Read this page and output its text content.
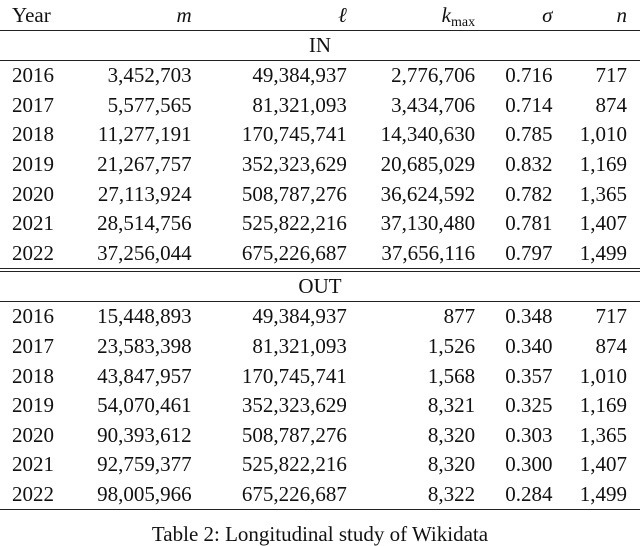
Year	m	ℓ	kmax	σ	n
IN					
2016	3,452,703	49,384,937	2,776,706	0.716	717
2017	5,577,565	81,321,093	3,434,706	0.714	874
2018	11,277,191	170,745,741	14,340,630	0.785	1,010
2019	21,267,757	352,323,629	20,685,029	0.832	1,169
2020	27,113,924	508,787,276	36,624,592	0.782	1,365
2021	28,514,756	525,822,216	37,130,480	0.781	1,407
2022	37,256,044	675,226,687	37,656,116	0.797	1,499
OUT					
2016	15,448,893	49,384,937	877	0.348	717
2017	23,583,398	81,321,093	1,526	0.340	874
2018	43,847,957	170,745,741	1,568	0.357	1,010
2019	54,070,461	352,323,629	8,321	0.325	1,169
2020	90,393,612	508,787,276	8,320	0.303	1,365
2021	92,759,377	525,822,216	8,320	0.300	1,407
2022	98,005,966	675,226,687	8,322	0.284	1,499
Table 2: Longitudinal study of Wikidata
